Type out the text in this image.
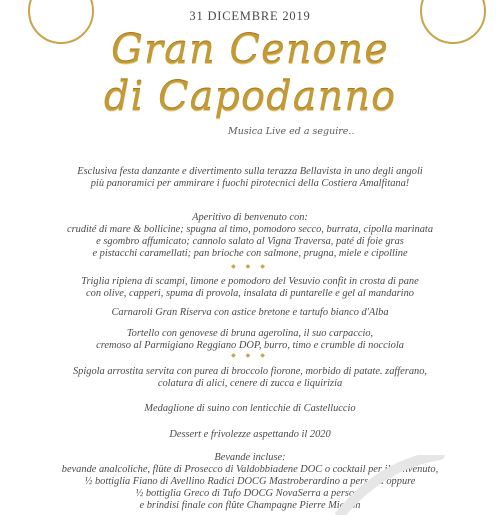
31 DICEMBRE 2019
Gran Cenone
di Capodanno
Musica Live ed a seguire..
Esclusiva festa danzante e divertimento sulla terazza Bellavista in uno degli angoli
più panoramici per ammirare i fuochi pirotecnici della Costiera Amalfitana!
Aperitivo di benvenuto con:
crudité di mare & bollicine; spugna al timo, pomodoro secco, burrata, cipolla marinata
e sgombro affumicato; cannolo salato al Vigna Traversa, paté di foie gras
e pistacchi caramellati; pan brioche con salmone, prugna, miele e cipolline
◆ ◆ ◆
Triglia ripiena di scampi, limone e pomodoro del Vesuvio confit in crosta di pane
con olive, capperi, spuma di provola, insalata di puntarelle e gel al mandarino
Carnaroli Gran Riserva con astice bretone e tartufo bianco d'Alba
Tortello con genovese di bruna agerolina, il suo carpaccio,
cremoso al Parmigiano Reggiano DOP, burro, timo e crumble di nocciola
◆ ◆ ◆
Spigola arrostita servita con purea di broccolo fiorone, morbido di patate. zafferano,
colatura di alici, cenere di zucca e liquirizia
Medaglione di suino con lenticchie di Castelluccio
Dessert e frivolezze aspettando il 2020
Bevande incluse:
bevande analcoliche, flûte di Prosecco di Valdobbiadene DOC o cocktail per il benvenuto,
½ bottiglia Fiano di Avellino Radici DOCG Mastroberardino a persona oppure
½ bottiglia Greco di Tufo DOCG NovaSerra a persona
e brindisi finale con flûte Champagne Pierre Mignon
